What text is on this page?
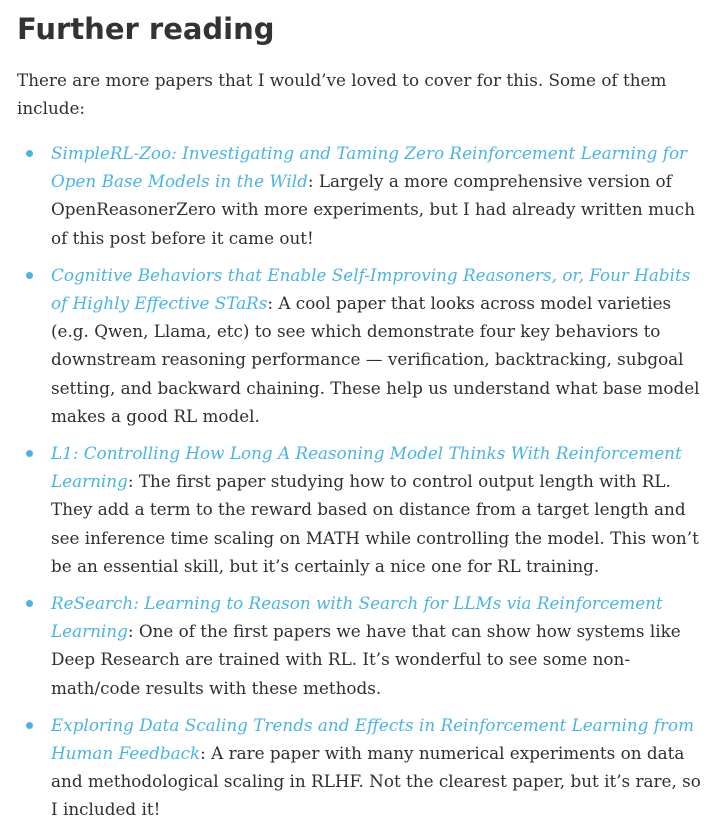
Further reading

There are more papers that I would’ve loved to cover for this. Some of them include:

SimpleRL-Zoo: Investigating and Taming Zero Reinforcement Learning for Open Base Models in the Wild: Largely a more comprehensive version of OpenReasonerZero with more experiments, but I had already written much of this post before it came out!
Cognitive Behaviors that Enable Self-Improving Reasoners, or, Four Habits of Highly Effective STaRs: A cool paper that looks across model varieties (e.g. Qwen, Llama, etc) to see which demonstrate four key behaviors to downstream reasoning performance — verification, backtracking, subgoal setting, and backward chaining. These help us understand what base model makes a good RL model.
L1: Controlling How Long A Reasoning Model Thinks With Reinforcement Learning: The first paper studying how to control output length with RL. They add a term to the reward based on distance from a target length and see inference time scaling on MATH while controlling the model. This won’t be an essential skill, but it’s certainly a nice one for RL training.
ReSearch: Learning to Reason with Search for LLMs via Reinforcement Learning: One of the first papers we have that can show how systems like Deep Research are trained with RL. It’s wonderful to see some non-math/code results with these methods.
Exploring Data Scaling Trends and Effects in Reinforcement Learning from Human Feedback: A rare paper with many numerical experiments on data and methodological scaling in RLHF. Not the clearest paper, but it’s rare, so I included it!
